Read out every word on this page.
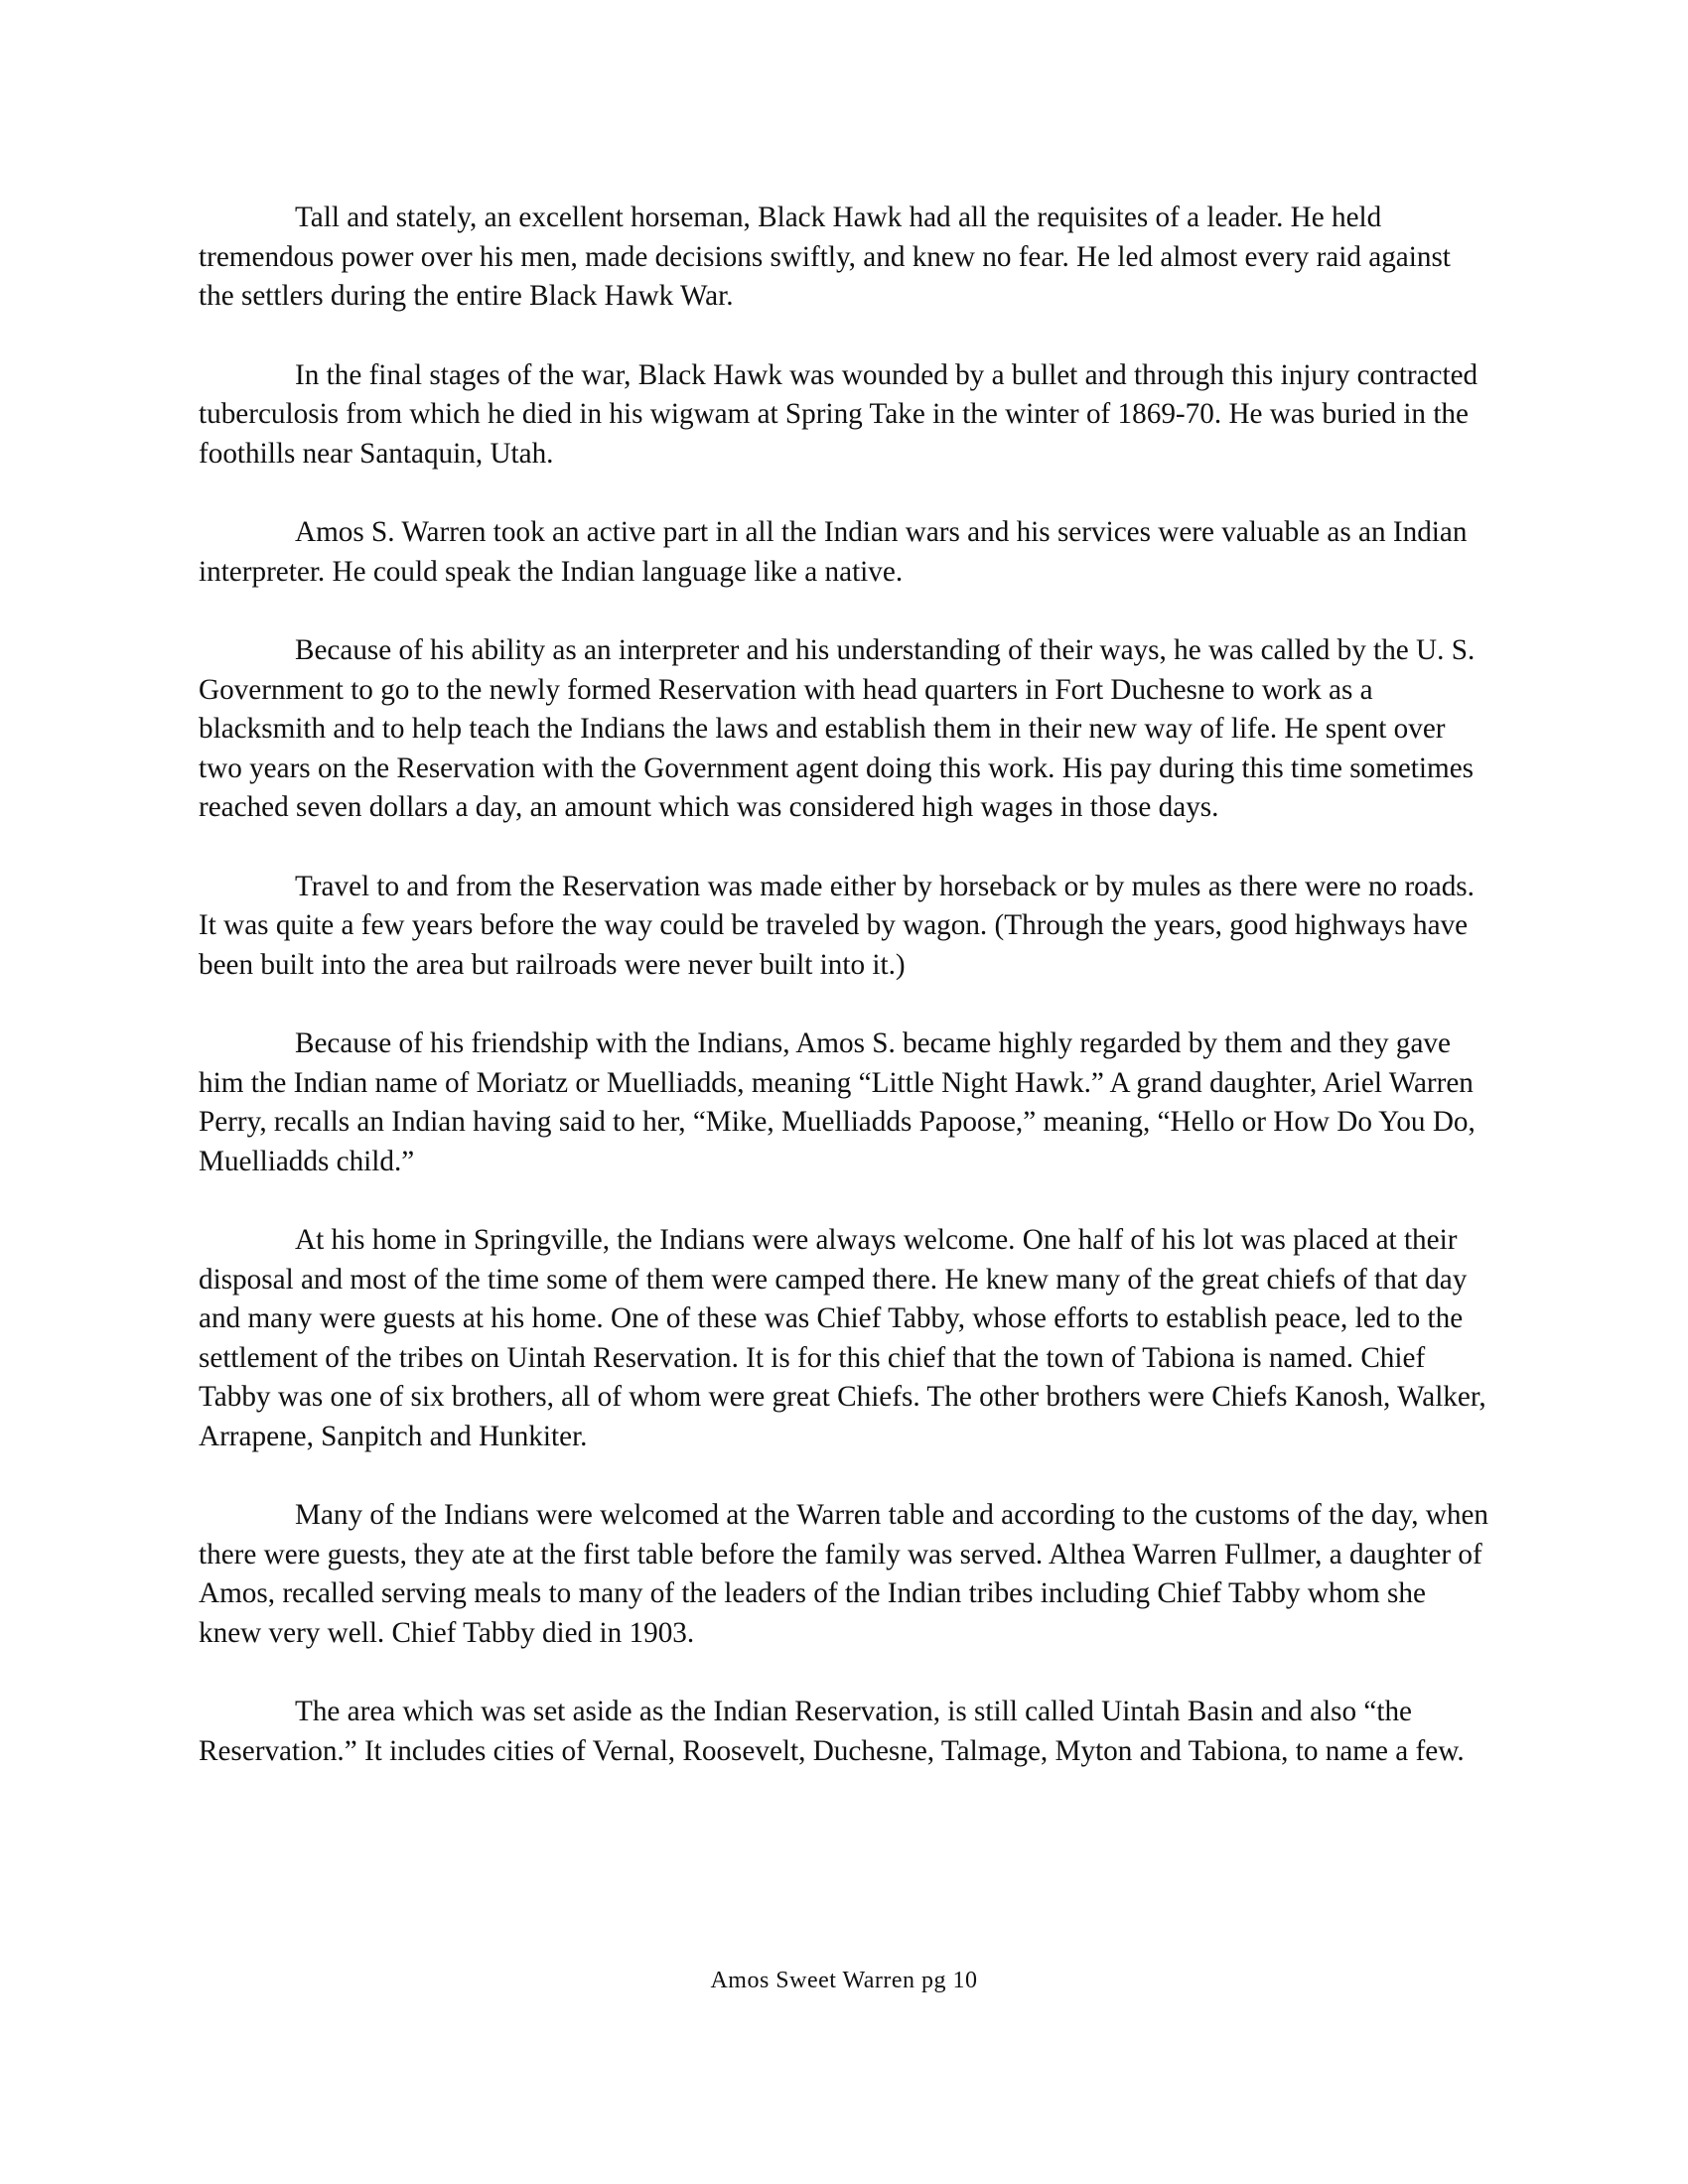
Tall and stately, an excellent horseman, Black Hawk had all the requisites of a leader. He held tremendous power over his men, made decisions swiftly, and knew no fear. He led almost every raid against the settlers during the entire Black Hawk War.

In the final stages of the war, Black Hawk was wounded by a bullet and through this injury contracted tuberculosis from which he died in his wigwam at Spring Take in the winter of 1869-70. He was buried in the foothills near Santaquin, Utah.

Amos S. Warren took an active part in all the Indian wars and his services were valuable as an Indian interpreter. He could speak the Indian language like a native.

Because of his ability as an interpreter and his understanding of their ways, he was called by the U. S. Government to go to the newly formed Reservation with head quarters in Fort Duchesne to work as a blacksmith and to help teach the Indians the laws and establish them in their new way of life. He spent over two years on the Reservation with the Government agent doing this work. His pay during this time sometimes reached seven dollars a day, an amount which was considered high wages in those days.

Travel to and from the Reservation was made either by horseback or by mules as there were no roads. It was quite a few years before the way could be traveled by wagon. (Through the years, good highways have been built into the area but railroads were never built into it.)

Because of his friendship with the Indians, Amos S. became highly regarded by them and they gave him the Indian name of Moriatz or Muelliadds, meaning “Little Night Hawk.” A grand daughter, Ariel Warren Perry, recalls an Indian having said to her, “Mike, Muelliadds Papoose,” meaning, “Hello or How Do You Do, Muelliadds child.”

At his home in Springville, the Indians were always welcome. One half of his lot was placed at their disposal and most of the time some of them were camped there. He knew many of the great chiefs of that day and many were guests at his home. One of these was Chief Tabby, whose efforts to establish peace, led to the settlement of the tribes on Uintah Reservation. It is for this chief that the town of Tabiona is named. Chief Tabby was one of six brothers, all of whom were great Chiefs. The other brothers were Chiefs Kanosh, Walker, Arrapene, Sanpitch and Hunkiter.

Many of the Indians were welcomed at the Warren table and according to the customs of the day, when there were guests, they ate at the first table before the family was served. Althea Warren Fullmer, a daughter of Amos, recalled serving meals to many of the leaders of the Indian tribes including Chief Tabby whom she knew very well. Chief Tabby died in 1903.

The area which was set aside as the Indian Reservation, is still called Uintah Basin and also “the Reservation.” It includes cities of Vernal, Roosevelt, Duchesne, Talmage, Myton and Tabiona, to name a few.

Amos Sweet Warren pg 10
